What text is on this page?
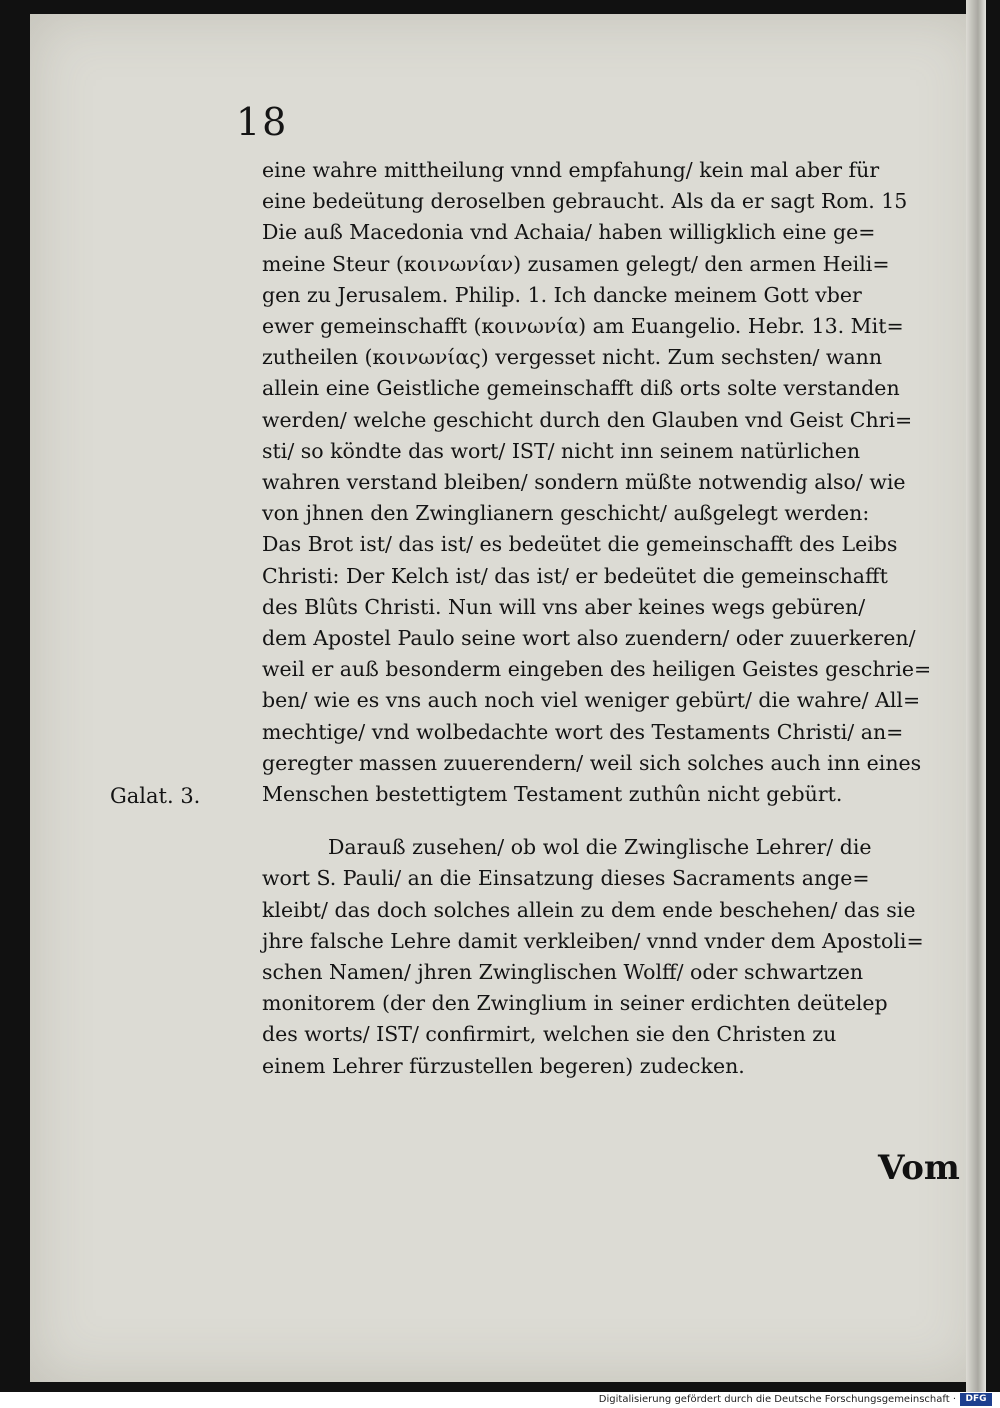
18
Galat. 3.

eine wahre mittheilung vnnd empfahung/ kein mal aber für
eine bedeütung deroselben gebraucht. Als da er sagt Rom. 15
Die auß Macedonia vnd Achaia/ haben willigklich eine ge=
meine Steur (κοινωνίαν) zusamen gelegt/ den armen Heili=
gen zu Jerusalem. Philip. 1. Ich dancke meinem Gott vber
ewer gemeinschafft (κοινωνία) am Euangelio. Hebr. 13. Mit=
zutheilen (κοινωνίας) vergesset nicht. Zum sechsten/ wann
allein eine Geistliche gemeinschafft diß orts solte verstanden
werden/ welche geschicht durch den Glauben vnd Geist Chri=
sti/ so köndte das wort/ IST/ nicht inn seinem natürlichen
wahren verstand bleiben/ sondern müßte notwendig also/ wie
von jhnen den Zwinglianern geschicht/ außgelegt werden:
Das Brot ist/ das ist/ es bedeütet die gemeinschafft des Leibs
Christi: Der Kelch ist/ das ist/ er bedeütet die gemeinschafft
des Blûts Christi. Nun will vns aber keines wegs gebüren/
dem Apostel Paulo seine wort also zuendern/ oder zuuerkeren/
weil er auß besonderm eingeben des heiligen Geistes geschrie=
ben/ wie es vns auch noch viel weniger gebürt/ die wahre/ All=
mechtige/ vnd wolbedachte wort des Testaments Christi/ an=
geregter massen zuuerendern/ weil sich solches auch inn eines
Menschen bestettigtem Testament zuthûn nicht gebürt.

Darauß zusehen/ ob wol die Zwinglische Lehrer/ die
wort S. Pauli/ an die Einsatzung dieses Sacraments ange=
kleibt/ das doch solches allein zu dem ende beschehen/ das sie
jhre falsche Lehre damit verkleiben/ vnnd vnder dem Apostoli=
schen Namen/ jhren Zwinglischen Wolff/ oder schwartzen
monitorem (der den Zwinglium in seiner erdichten deütelep
des worts/ IST/ confirmirt, welchen sie den Christen zu
einem Lehrer fürzustellen begeren) zudecken.

Vom
Digitalisierung gefördert durch die Deutsche Forschungsgemeinschaft ·	DFG
